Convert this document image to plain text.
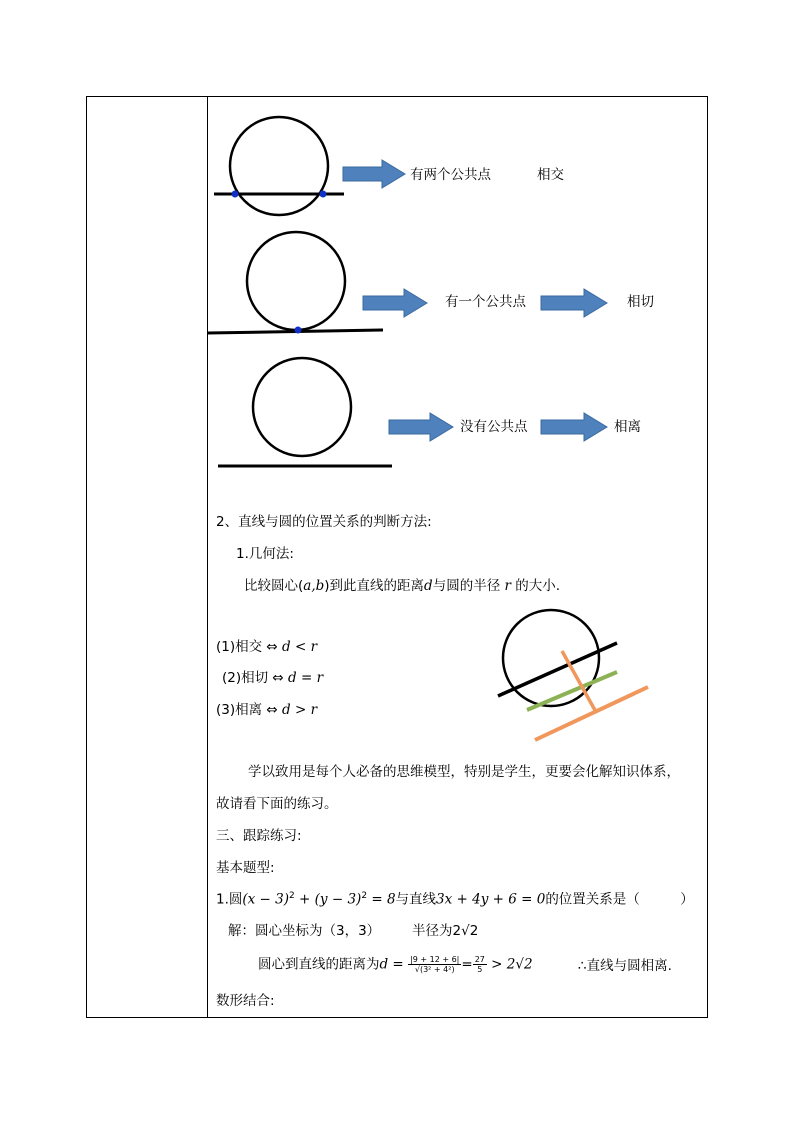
有两个公共点	相交
有一个公共点	相切
没有公共点	相离
2、直线与圆的位置关系的判断方法:
1.几何法:
比较圆心(a,b)到此直线的距离d与圆的半径 r 的大小.
(1)相交 ⇔ d < r
(2)相切 ⇔ d = r
(3)相离 ⇔ d > r
学以致用是每个人必备的思维模型，特别是学生，更要会化解知识体系，
故请看下面的练习。
三、跟踪练习:
基本题型:
1.圆$(x - 3)^2 + (y - 3)^2 = 8$与直线3x + 4y + 6 = 0的位置关系是（　　　）
解：圆心坐标为（3，3） 半径为2√2
圆心到直线的距离为$d = \frac{|9 + 12 + 6|}{\text{√(3² + 4²)}} = \frac{27}{5} > 2√2$	∴直线与圆相离.
数形结合:
